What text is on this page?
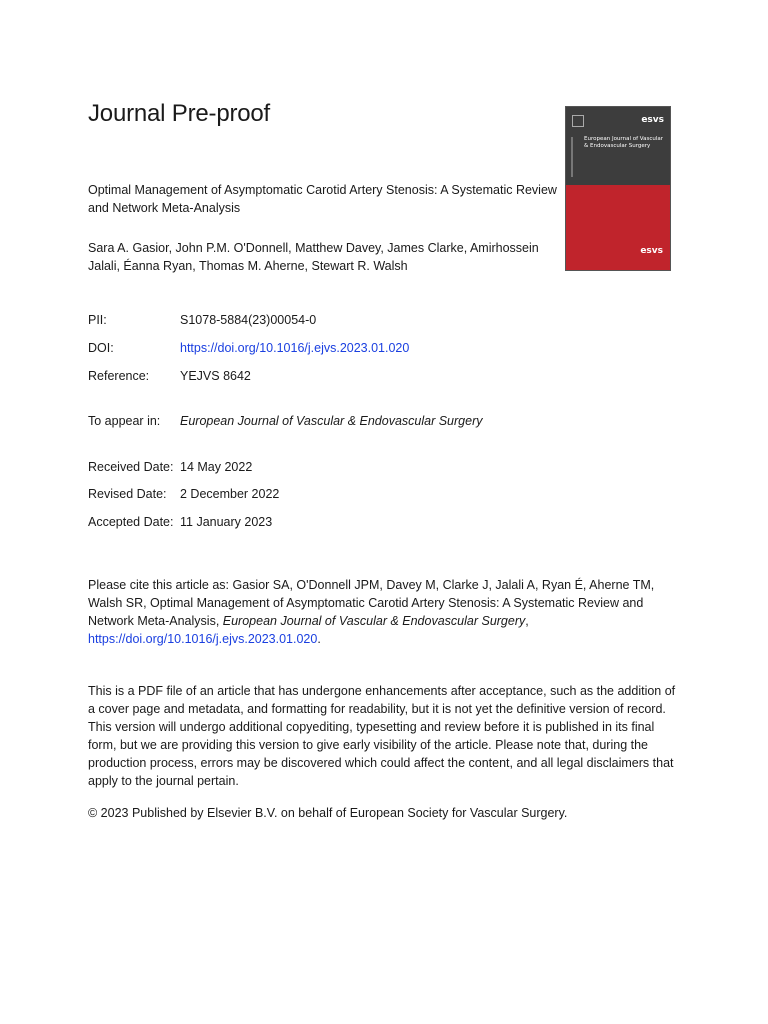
Journal Pre-proof	esvs
European Journal of Vascular & Endovascular Surgery
esvs

Optimal Management of Asymptomatic Carotid Artery Stenosis: A Systematic Review and Network Meta-Analysis

Sara A. Gasior, John P.M. O'Donnell, Matthew Davey, James Clarke, Amirhossein Jalali, Éanna Ryan, Thomas M. Aherne, Stewart R. Walsh

PII:	S1078-5884(23)00054-0
DOI:	https://doi.org/10.1016/j.ejvs.2023.01.020
Reference: YEJVS 8642
To appear in: European Journal of Vascular & Endovascular Surgery
Received Date: 14 May 2022
Revised Date: 2 December 2022
Accepted Date: 11 January 2023

Please cite this article as: Gasior SA, O'Donnell JPM, Davey M, Clarke J, Jalali A, Ryan É, Aherne TM, Walsh SR, Optimal Management of Asymptomatic Carotid Artery Stenosis: A Systematic Review and Network Meta-Analysis, European Journal of Vascular & Endovascular Surgery, https://doi.org/10.1016/j.ejvs.2023.01.020.

This is a PDF file of an article that has undergone enhancements after acceptance, such as the addition of a cover page and metadata, and formatting for readability, but it is not yet the definitive version of record. This version will undergo additional copyediting, typesetting and review before it is published in its final form, but we are providing this version to give early visibility of the article. Please note that, during the production process, errors may be discovered which could affect the content, and all legal disclaimers that apply to the journal pertain.

© 2023 Published by Elsevier B.V. on behalf of European Society for Vascular Surgery.
